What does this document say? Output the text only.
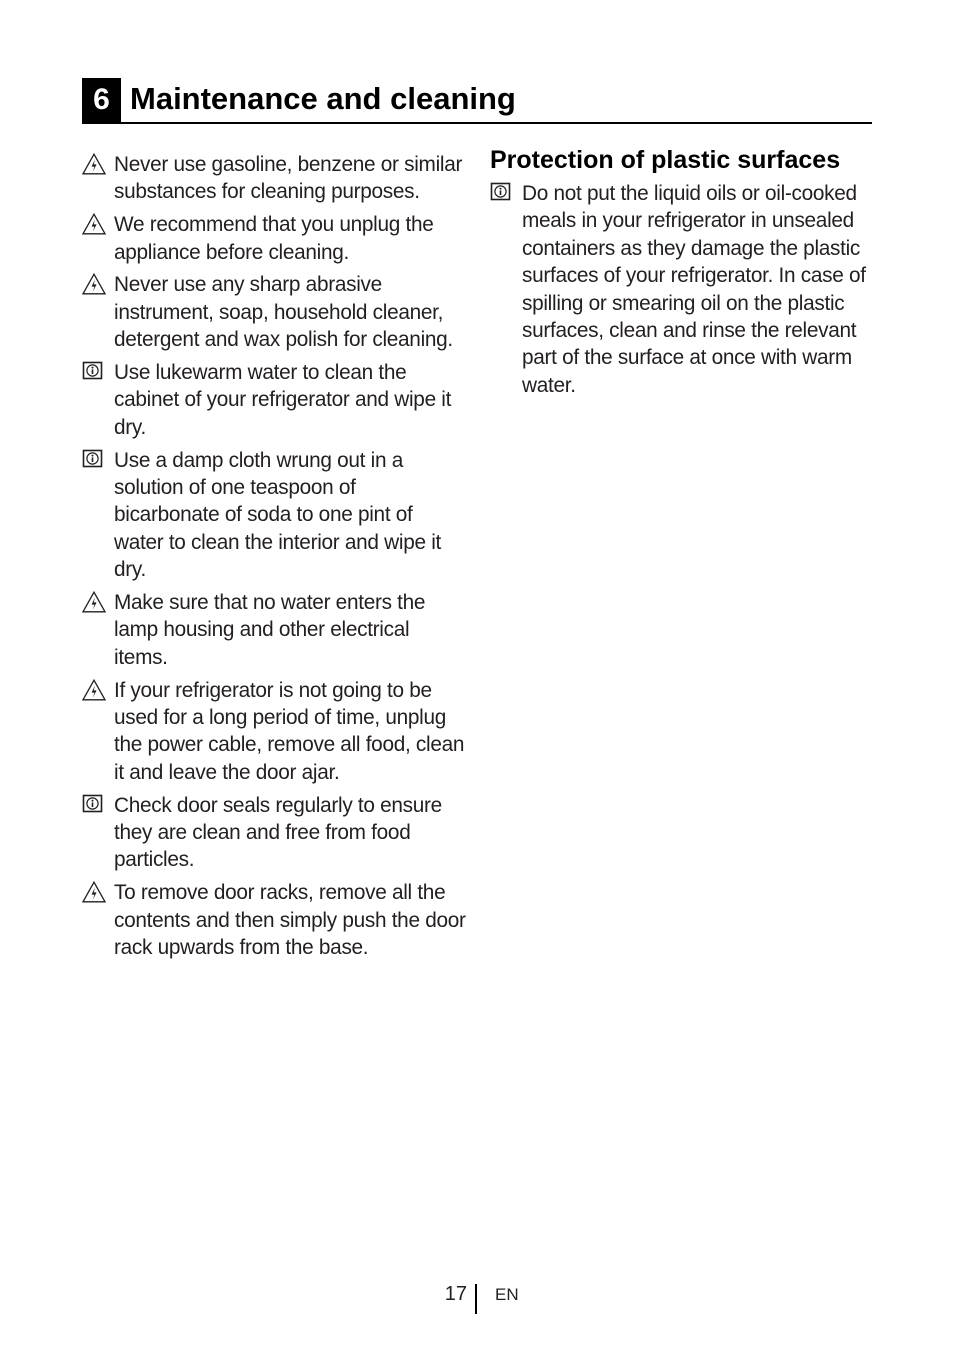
6 Maintenance and cleaning
Never use gasoline, benzene or similar substances for cleaning purposes.
We recommend that you unplug the appliance before cleaning.
Never use any sharp abrasive instrument, soap, household cleaner, detergent and wax polish for cleaning.
Use lukewarm water to clean the cabinet of your refrigerator and wipe it dry.
Use a damp cloth wrung out in a solution of one teaspoon of bicarbonate of soda to one pint of water to clean the interior and wipe it dry.
Make sure that no water enters the lamp housing and other electrical items.
If your refrigerator is not going to be used for a long period of time, unplug the power cable, remove all food, clean it and leave the door ajar.
Check door seals regularly to ensure they are clean and free from food particles.
To remove door racks, remove all the contents and then simply push the door rack upwards from the base.
Protection of plastic surfaces
Do not put the liquid oils or oil-cooked meals in your refrigerator in unsealed containers as they damage the plastic surfaces of your refrigerator. In case of spilling or smearing oil on the plastic surfaces, clean and rinse the relevant part of the surface at once with warm water.
17 EN
